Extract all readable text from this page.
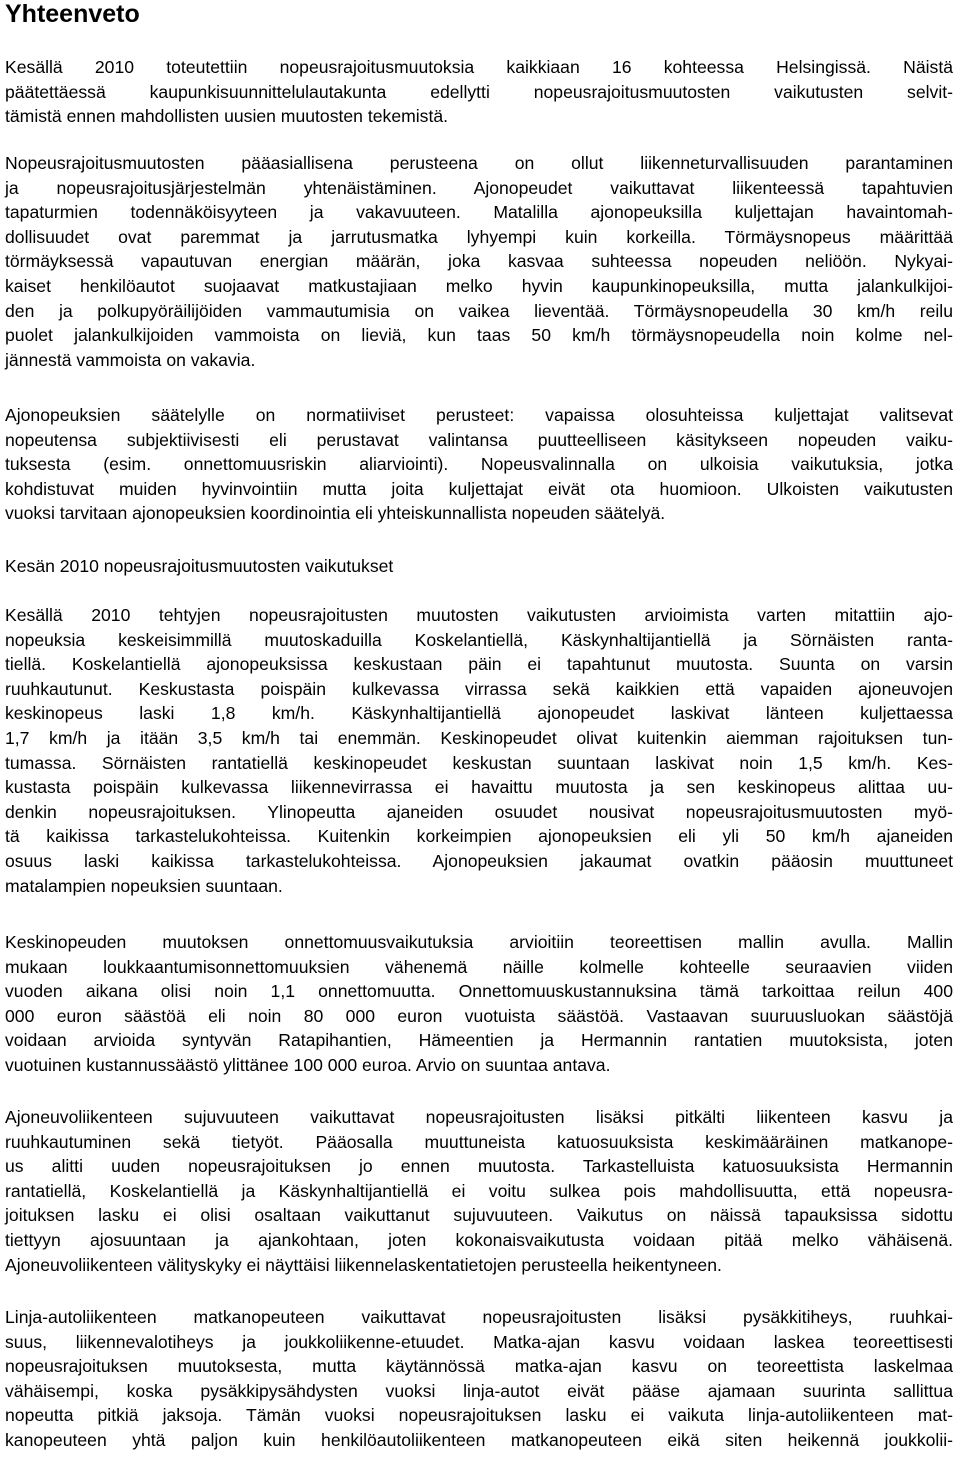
Yhteenveto
Kesällä 2010 toteutettiin nopeusrajoitusmuutoksia kaikkiaan 16 kohteessa Helsingissä. Näistä
päätettäessä kaupunkisuunnittelulautakunta edellytti nopeusrajoitusmuutosten vaikutusten selvit-
tämistä ennen mahdollisten uusien muutosten tekemistä.
Nopeusrajoitusmuutosten pääasiallisena perusteena on ollut liikenneturvallisuuden parantaminen
ja nopeusrajoitusjärjestelmän yhtenäistäminen. Ajonopeudet vaikuttavat liikenteessä tapahtuvien
tapaturmien todennäköisyyteen ja vakavuuteen. Matalilla ajonopeuksilla kuljettajan havaintomah-
dollisuudet ovat paremmat ja jarrutusmatka lyhyempi kuin korkeilla. Törmäysnopeus määrittää
törmäyksessä vapautuvan energian määrän, joka kasvaa suhteessa nopeuden neliöön. Nykyai-
kaiset henkilöautot suojaavat matkustajiaan melko hyvin kaupunkinopeuksilla, mutta jalankulkijoi-
den ja polkupyöräilijöiden vammautumisia on vaikea lieventää. Törmäysnopeudella 30 km/h reilu
puolet jalankulkijoiden vammoista on lieviä, kun taas 50 km/h törmäysnopeudella noin kolme nel-
jännestä vammoista on vakavia.
Ajonopeuksien säätelylle on normatiiviset perusteet: vapaissa olosuhteissa kuljettajat valitsevat
nopeutensa subjektiivisesti eli perustavat valintansa puutteelliseen käsitykseen nopeuden vaiku-
tuksesta (esim. onnettomuusriskin aliarviointi). Nopeusvalinnalla on ulkoisia vaikutuksia, jotka
kohdistuvat muiden hyvinvointiin mutta joita kuljettajat eivät ota huomioon. Ulkoisten vaikutusten
vuoksi tarvitaan ajonopeuksien koordinointia eli yhteiskunnallista nopeuden säätelyä.
Kesän 2010 nopeusrajoitusmuutosten vaikutukset
Kesällä 2010 tehtyjen nopeusrajoitusten muutosten vaikutusten arvioimista varten mitattiin ajo-
nopeuksia keskeisimmillä muutoskaduilla Koskelantiellä, Käskynhaltijantiellä ja Sörnäisten ranta-
tiellä. Koskelantiellä ajonopeuksissa keskustaan päin ei tapahtunut muutosta. Suunta on varsin
ruuhkautunut. Keskustasta poispäin kulkevassa virrassa sekä kaikkien että vapaiden ajoneuvojen
keskinopeus laski 1,8 km/h. Käskynhaltijantiellä ajonopeudet laskivat länteen kuljettaessa
1,7 km/h ja itään 3,5 km/h tai enemmän. Keskinopeudet olivat kuitenkin aiemman rajoituksen tun-
tumassa. Sörnäisten rantatiellä keskinopeudet keskustan suuntaan laskivat noin 1,5 km/h. Kes-
kustasta poispäin kulkevassa liikennevirrassa ei havaittu muutosta ja sen keskinopeus alittaa uu-
denkin nopeusrajoituksen. Ylinopeutta ajaneiden osuudet nousivat nopeusrajoitusmuutosten myö-
tä kaikissa tarkastelukohteissa. Kuitenkin korkeimpien ajonopeuksien eli yli 50 km/h ajaneiden
osuus laski kaikissa tarkastelukohteissa. Ajonopeuksien jakaumat ovatkin pääosin muuttuneet
matalampien nopeuksien suuntaan.
Keskinopeuden muutoksen onnettomuusvaikutuksia arvioitiin teoreettisen mallin avulla. Mallin
mukaan loukkaantumisonnettomuuksien vähenemä näille kolmelle kohteelle seuraavien viiden
vuoden aikana olisi noin 1,1 onnettomuutta. Onnettomuuskustannuksina tämä tarkoittaa reilun 400
000 euron säästöä eli noin 80 000 euron vuotuista säästöä. Vastaavan suuruusluokan säästöjä
voidaan arvioida syntyvän Ratapihantien, Hämeentien ja Hermannin rantatien muutoksista, joten
vuotuinen kustannussäästö ylittänee 100 000 euroa. Arvio on suuntaa antava.
Ajoneuvoliikenteen sujuvuuteen vaikuttavat nopeusrajoitusten lisäksi pitkälti liikenteen kasvu ja
ruuhkautuminen sekä tietyöt. Pääosalla muuttuneista katuosuuksista keskimääräinen matkanope-
us alitti uuden nopeusrajoituksen jo ennen muutosta. Tarkastelluista katuosuuksista Hermannin
rantatiellä, Koskelantiellä ja Käskynhaltijantiellä ei voitu sulkea pois mahdollisuutta, että nopeusra-
joituksen lasku ei olisi osaltaan vaikuttanut sujuvuuteen. Vaikutus on näissä tapauksissa sidottu
tiettyyn ajosuuntaan ja ajankohtaan, joten kokonaisvaikutusta voidaan pitää melko vähäisenä.
Ajoneuvoliikenteen välityskyky ei näyttäisi liikennelaskentatietojen perusteella heikentyneen.
Linja-autoliikenteen matkanopeuteen vaikuttavat nopeusrajoitusten lisäksi pysäkkitiheys, ruuhkai-
suus, liikennevalotiheys ja joukkoliikenne-etuudet. Matka-ajan kasvu voidaan laskea teoreettisesti
nopeusrajoituksen muutoksesta, mutta käytännössä matka-ajan kasvu on teoreettista laskelmaa
vähäisempi, koska pysäkkipysähdysten vuoksi linja-autot eivät pääse ajamaan suurinta sallittua
nopeutta pitkiä jaksoja. Tämän vuoksi nopeusrajoituksen lasku ei vaikuta linja-autoliikenteen mat-
kanopeuteen yhtä paljon kuin henkilöautoliikenteen matkanopeuteen eikä siten heikennä joukkolii-
